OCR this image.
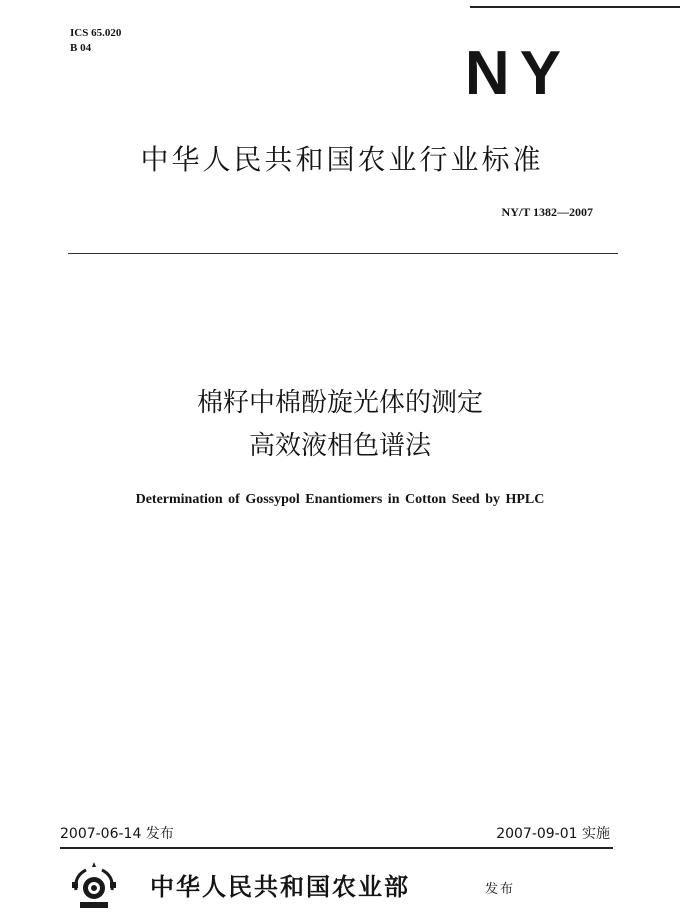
ICS 65.020
B 04	NY
中华人民共和国农业行业标准
NY/T 1382—2007
棉籽中棉酚旋光体的测定
高效液相色谱法
Determination of Gossypol Enantiomers in Cotton Seed by HPLC
2007-06-14 发布	2007-09-01 实施
中华人民共和国农业部	发布
